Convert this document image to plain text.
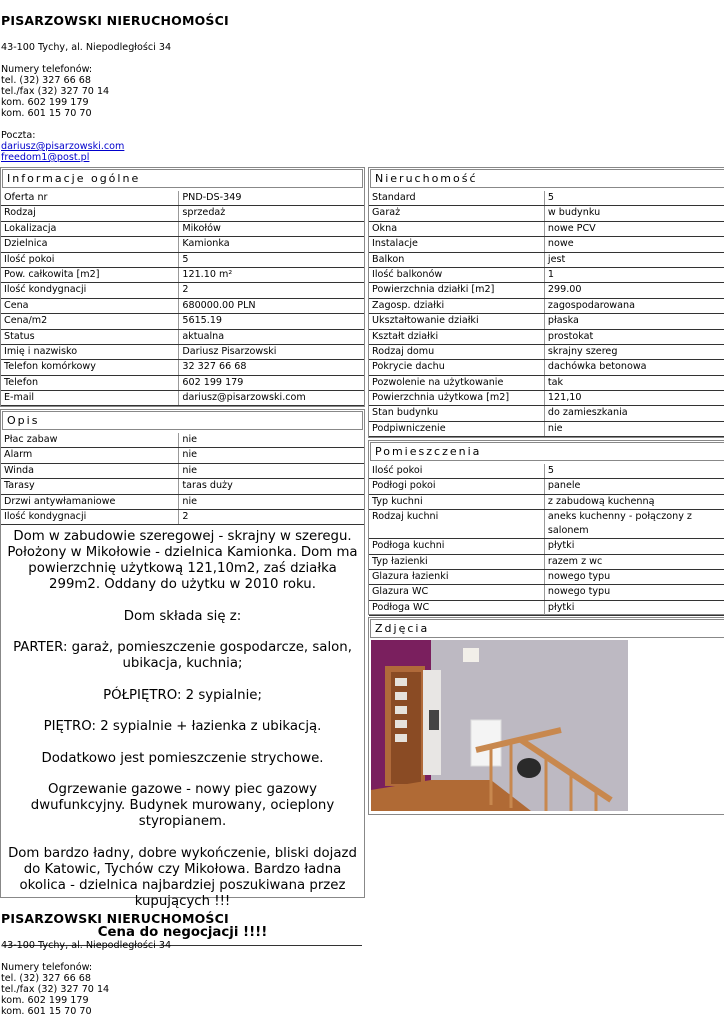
PISARZOWSKI NIERUCHOMOŚCI
43-100 Tychy, al. Niepodległości 34
Numery telefonów:
tel. (32) 327 66 68
tel./fax (32) 327 70 14
kom. 602 199 179
kom. 601 15 70 70
Poczta:
dariusz@pisarzowski.com
freedom1@post.pl
Informacje ogólne
Oferta nr	PND-DS-349
Rodzaj	sprzedaż
Lokalizacja	Mikołów
Dzielnica	Kamionka
Ilość pokoi	5
Pow. całkowita [m2]	121.10 m²
Ilość kondygnacji	2
Cena	680000.00 PLN
Cena/m2	5615.19
Status	aktualna
Imię i nazwisko	Dariusz Pisarzowski
Telefon komórkowy	32 327 66 68
Telefon	602 199 179
E-mail	dariusz@pisarzowski.com
Opis
Płac zabaw	nie
Alarm	nie
Winda	nie
Tarasy	taras duży
Drzwi antywłamaniowe	nie
Ilość kondygnacji	2

Dom w zabudowie szeregowej - skrajny w szeregu. Położony w Mikołowie - dzielnica Kamionka. Dom ma powierzchnię użytkową 121,10m2, zaś działka 299m2. Oddany do użytku w 2010 roku.

Dom składa się z:

PARTER: garaż, pomieszczenie gospodarcze, salon, ubikacja, kuchnia;

PÓŁPIĘTRO: 2 sypialnie;

PIĘTRO: 2 sypialnie + łazienka z ubikacją.

Dodatkowo jest pomieszczenie strychowe.

Ogrzewanie gazowe - nowy piec gazowy dwufunkcyjny. Budynek murowany, ocieplony styropianem.

Dom bardzo ładny, dobre wykończenie, bliski dojazd do Katowic, Tychów czy Mikołowa. Bardzo ładna okolica - dzielnica najbardziej poszukiwana przez kupujących !!!

Cena do negocjacji !!!!

Nieruchomość
Standard	5
Garaż	w budynku
Okna	nowe PCV
Instalacje	nowe
Balkon	jest
Ilość balkonów	1
Powierzchnia działki [m2]	299.00
Zagosp. działki	zagospodarowana
Ukształtowanie działki	płaska
Kształt działki	prostokat
Rodzaj domu	skrajny szereg
Pokrycie dachu	dachówka betonowa
Pozwolenie na użytkowanie	tak
Powierzchnia użytkowa [m2]	121,10
Stan budynku	do zamieszkania
Podpiwniczenie	nie
Pomieszczenia
Ilość pokoi	5
Podłogi pokoi	panele
Typ kuchni	z zabudową kuchenną
Rodzaj kuchni	aneks kuchenny - połączony z salonem
Podłoga kuchni	płytki
Typ łazienki	razem z wc
Glazura łazienki	nowego typu
Glazura WC	nowego typu
Podłoga WC	płytki
Zdjęcia
PISARZOWSKI NIERUCHOMOŚCI
43-100 Tychy, al. Niepodległości 34
Numery telefonów:
tel. (32) 327 66 68
tel./fax (32) 327 70 14
kom. 602 199 179
kom. 601 15 70 70
